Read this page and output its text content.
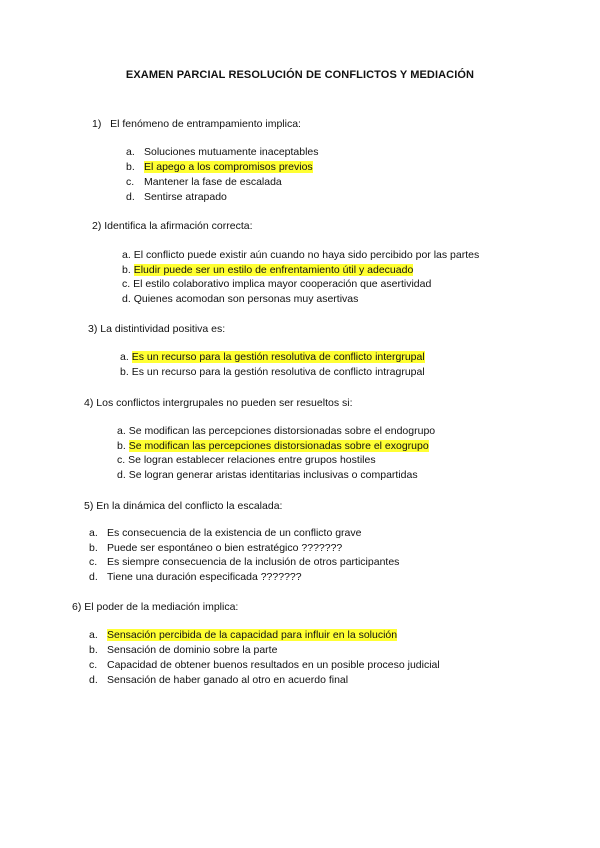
EXAMEN PARCIAL RESOLUCIÓN DE CONFLICTOS Y MEDIACIÓN
1) El fenómeno de entrampamiento implica:
a. Soluciones mutuamente inaceptables
b. El apego a los compromisos previos
c. Mantener la fase de escalada
d. Sentirse atrapado
2) Identifica la afirmación correcta:
a. El conflicto puede existir aún cuando no haya sido percibido por las partes
b. Eludir puede ser un estilo de enfrentamiento útil y adecuado
c. El estilo colaborativo implica mayor cooperación que asertividad
d. Quienes acomodan son personas muy asertivas
3) La distintividad positiva es:
a. Es un recurso para la gestión resolutiva de conflicto intergrupal
b. Es un recurso para la gestión resolutiva de conflicto intragrupal
4) Los conflictos intergrupales no pueden ser resueltos si:
a. Se modifican las percepciones distorsionadas sobre el endogrupo
b. Se modifican las percepciones distorsionadas sobre el exogrupo
c. Se logran establecer relaciones entre grupos hostiles
d. Se logran generar aristas identitarias inclusivas o compartidas
5) En la dinámica del conflicto la escalada:
a. Es consecuencia de la existencia de un conflicto grave
b. Puede ser espontáneo o bien estratégico ???????
c. Es siempre consecuencia de la inclusión de otros participantes
d. Tiene una duración especificada ???????
6) El poder de la mediación implica:
a. Sensación percibida de la capacidad para influir en la solución
b. Sensación de dominio sobre la parte
c. Capacidad de obtener buenos resultados en un posible proceso judicial
d. Sensación de haber ganado al otro en acuerdo final
